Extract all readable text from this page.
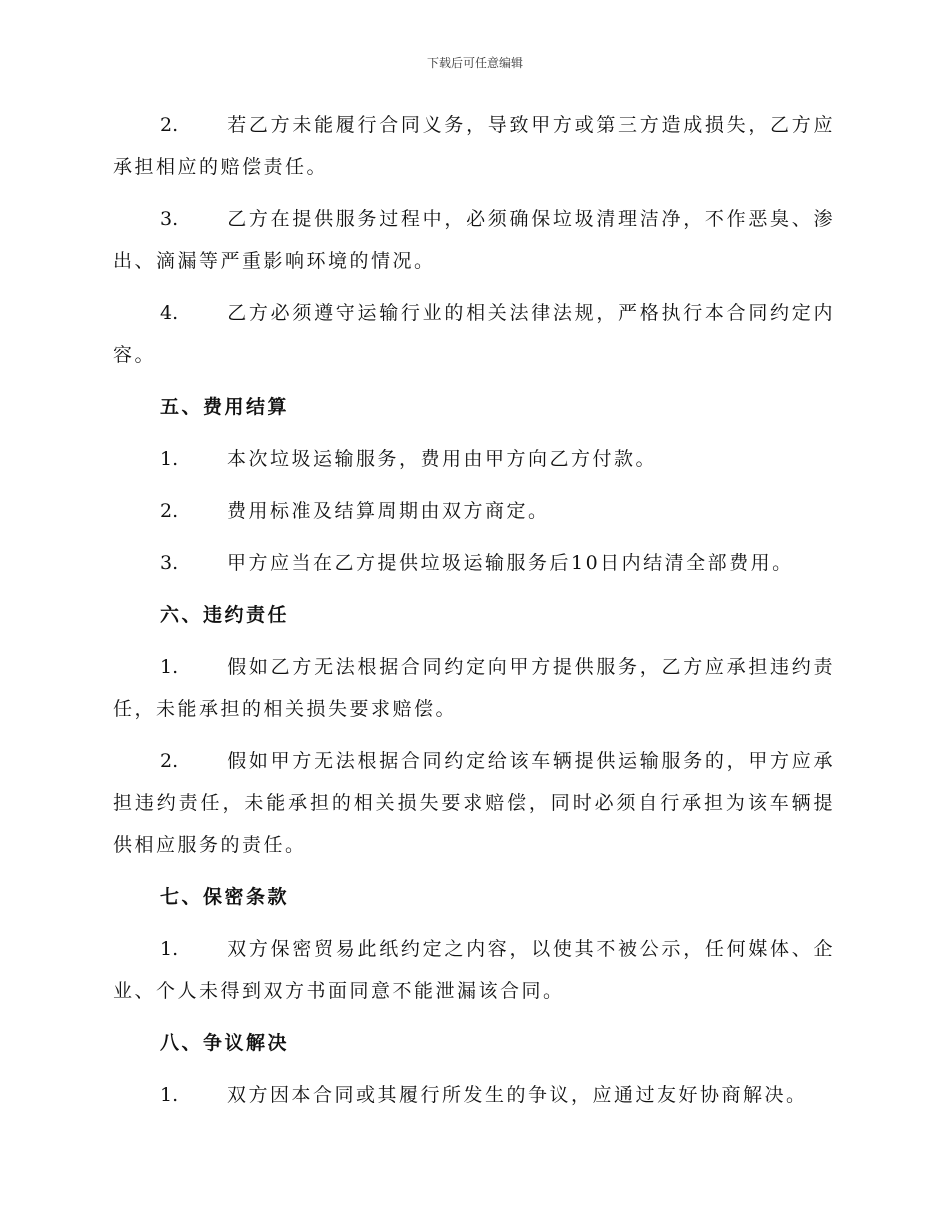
下载后可任意编辑

2.	若乙方未能履行合同义务，导致甲方或第三方造成损失，乙方应承担相应的赔偿责任。

3.	乙方在提供服务过程中，必须确保垃圾清理洁净，不作恶臭、渗出、滴漏等严重影响环境的情况。

4.	乙方必须遵守运输行业的相关法律法规，严格执行本合同约定内容。

五、费用结算

1.	本次垃圾运输服务，费用由甲方向乙方付款。

2.	费用标准及结算周期由双方商定。

3.	甲方应当在乙方提供垃圾运输服务后10日内结清全部费用。

六、违约责任

1.	假如乙方无法根据合同约定向甲方提供服务，乙方应承担违约责任，未能承担的相关损失要求赔偿。

2.	假如甲方无法根据合同约定给该车辆提供运输服务的，甲方应承担违约责任，未能承担的相关损失要求赔偿，同时必须自行承担为该车辆提供相应服务的责任。

七、保密条款

1.	双方保密贸易此纸约定之内容，以使其不被公示，任何媒体、企业、个人未得到双方书面同意不能泄漏该合同。

八、争议解决

1.	双方因本合同或其履行所发生的争议，应通过友好协商解决。
